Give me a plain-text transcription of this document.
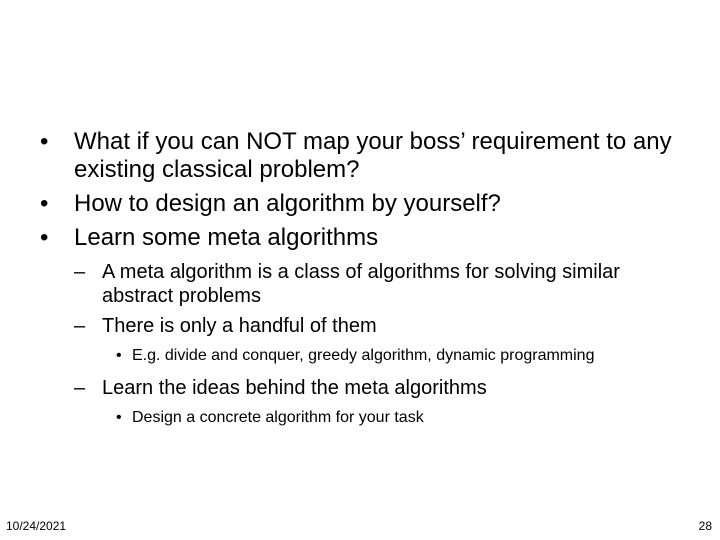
• What if you can NOT map your boss’ requirement to any existing classical problem?
• How to design an algorithm by yourself?
• Learn some meta algorithms
– A meta algorithm is a class of algorithms for solving similar abstract problems
– There is only a handful of them
• E.g. divide and conquer, greedy algorithm, dynamic programming
– Learn the ideas behind the meta algorithms
• Design a concrete algorithm for your task
10/24/2021	28
